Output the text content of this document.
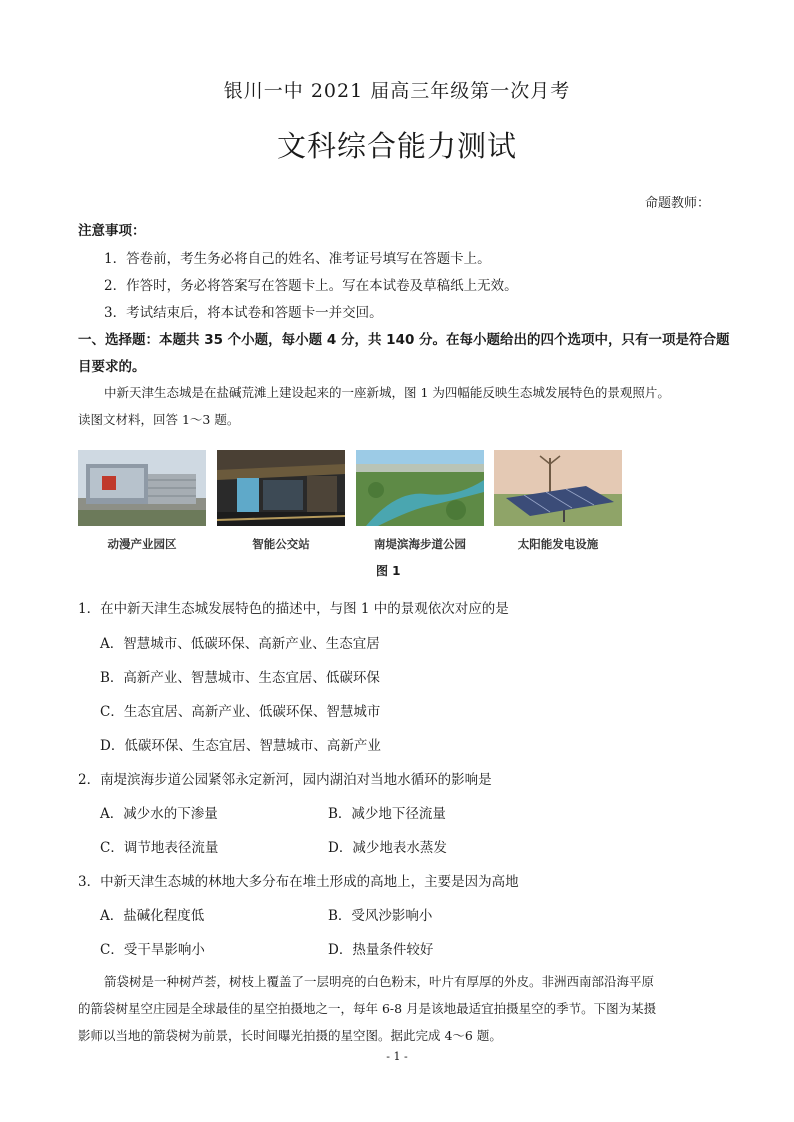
银川一中 2021 届高三年级第一次月考
文科综合能力测试
命题教师：
注意事项：
1．答卷前，考生务必将自己的姓名、准考证号填写在答题卡上。
2．作答时，务必将答案写在答题卡上。写在本试卷及草稿纸上无效。
3．考试结束后，将本试卷和答题卡一并交回。
一、选择题：本题共 35 个小题，每小题 4 分，共 140 分。在每小题给出的四个选项中，只有一项是符合题
目要求的。
中新天津生态城是在盐碱荒滩上建设起来的一座新城，图 1 为四幅能反映生态城发展特色的景观照片。
读图文材料，回答 1～3 题。
动漫产业园区	智能公交站	南堤滨海步道公园	太阳能发电设施
图 1
1．在中新天津生态城发展特色的描述中，与图 1 中的景观依次对应的是
A．智慧城市、低碳环保、高新产业、生态宜居
B．高新产业、智慧城市、生态宜居、低碳环保
C．生态宜居、高新产业、低碳环保、智慧城市
D．低碳环保、生态宜居、智慧城市、高新产业
2．南堤滨海步道公园紧邻永定新河，园内湖泊对当地水循环的影响是
A．减少水的下渗量	B．减少地下径流量
C．调节地表径流量	D．减少地表水蒸发
3．中新天津生态城的林地大多分布在堆土形成的高地上，主要是因为高地
A．盐碱化程度低	B．受风沙影响小
C．受干旱影响小	D．热量条件较好
箭袋树是一种树芦荟，树枝上覆盖了一层明亮的白色粉末，叶片有厚厚的外皮。非洲西南部沿海平原
的箭袋树星空庄园是全球最佳的星空拍摄地之一，每年 6-8 月是该地最适宜拍摄星空的季节。下图为某摄
影师以当地的箭袋树为前景，长时间曝光拍摄的星空图。据此完成 4～6 题。
- 1 -
